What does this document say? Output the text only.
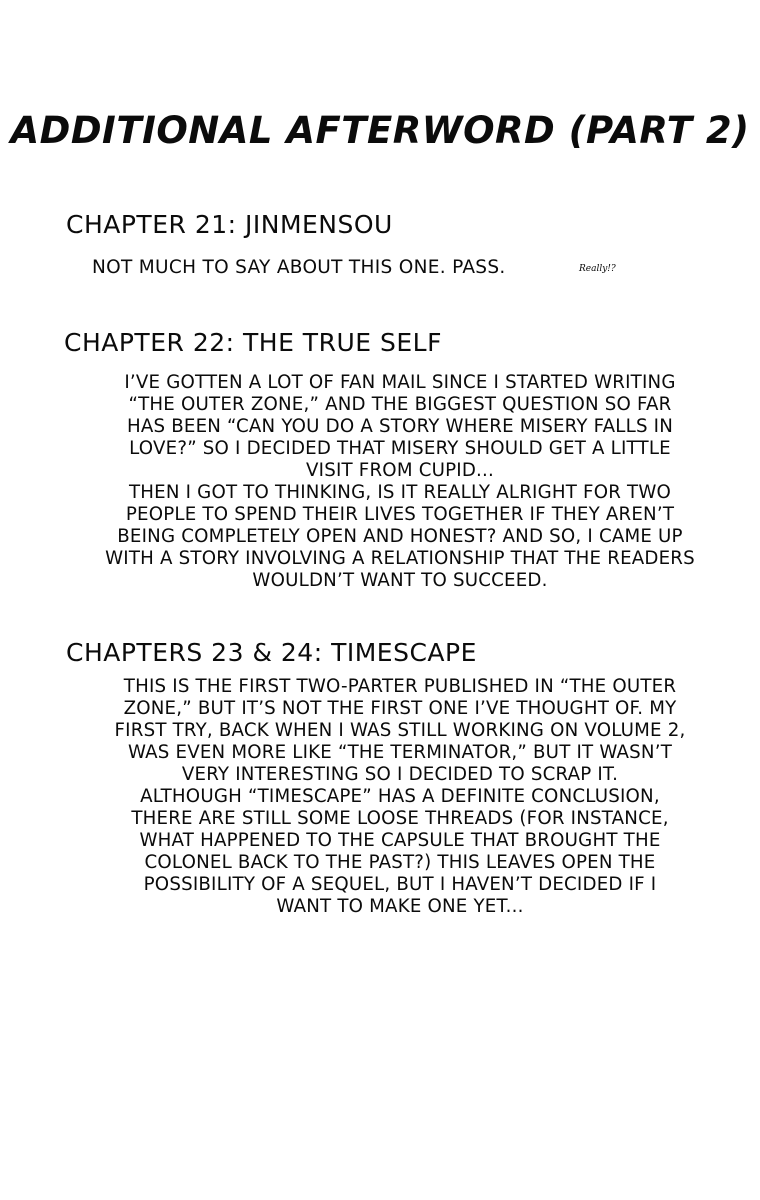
ADDITIONAL AFTERWORD (PART 2)
CHAPTER 21: JINMENSOU
NOT MUCH TO SAY ABOUT THIS ONE. PASS.	Really!?
CHAPTER 22: THE TRUE SELF
I’VE GOTTEN A LOT OF FAN MAIL SINCE I STARTED WRITING
“THE OUTER ZONE,” AND THE BIGGEST QUESTION SO FAR
HAS BEEN “CAN YOU DO A STORY WHERE MISERY FALLS IN
LOVE?” SO I DECIDED THAT MISERY SHOULD GET A LITTLE
VISIT FROM CUPID...
THEN I GOT TO THINKING, IS IT REALLY ALRIGHT FOR TWO
PEOPLE TO SPEND THEIR LIVES TOGETHER IF THEY AREN’T
BEING COMPLETELY OPEN AND HONEST? AND SO, I CAME UP
WITH A STORY INVOLVING A RELATIONSHIP THAT THE READERS
WOULDN’T WANT TO SUCCEED.
CHAPTERS 23 & 24: TIMESCAPE
THIS IS THE FIRST TWO-PARTER PUBLISHED IN “THE OUTER
ZONE,” BUT IT’S NOT THE FIRST ONE I’VE THOUGHT OF. MY
FIRST TRY, BACK WHEN I WAS STILL WORKING ON VOLUME 2,
WAS EVEN MORE LIKE “THE TERMINATOR,” BUT IT WASN’T
VERY INTERESTING SO I DECIDED TO SCRAP IT.
ALTHOUGH “TIMESCAPE” HAS A DEFINITE CONCLUSION,
THERE ARE STILL SOME LOOSE THREADS (FOR INSTANCE,
WHAT HAPPENED TO THE CAPSULE THAT BROUGHT THE
COLONEL BACK TO THE PAST?) THIS LEAVES OPEN THE
POSSIBILITY OF A SEQUEL, BUT I HAVEN’T DECIDED IF I
WANT TO MAKE ONE YET...
